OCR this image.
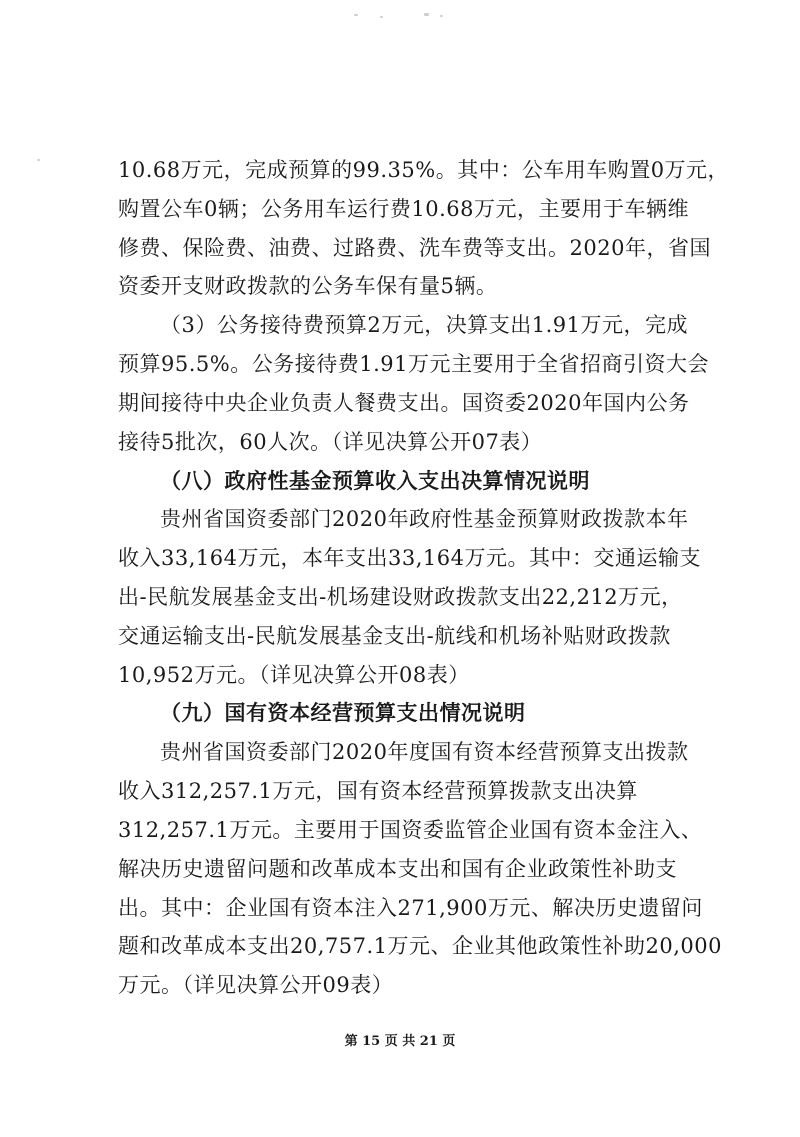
10.68万元，完成预算的99.35%。其中：公车用车购置0万元，
购置公车0辆；公务用车运行费10.68万元，主要用于车辆维
修费、保险费、油费、过路费、洗车费等支出。2020年，省国
资委开支财政拨款的公务车保有量5辆。
（3）公务接待费预算2万元，决算支出1.91万元，完成
预算95.5%。公务接待费1.91万元主要用于全省招商引资大会
期间接待中央企业负责人餐费支出。国资委2020年国内公务
接待5批次，60人次。（详见决算公开07表）
（八）政府性基金预算收入支出决算情况说明
贵州省国资委部门2020年政府性基金预算财政拨款本年
收入33,164万元，本年支出33,164万元。其中：交通运输支
出-民航发展基金支出-机场建设财政拨款支出22,212万元，
交通运输支出-民航发展基金支出-航线和机场补贴财政拨款
10,952万元。（详见决算公开08表）
（九）国有资本经营预算支出情况说明
贵州省国资委部门2020年度国有资本经营预算支出拨款
收入312,257.1万元，国有资本经营预算拨款支出决算
312,257.1万元。主要用于国资委监管企业国有资本金注入、
解决历史遗留问题和改革成本支出和国有企业政策性补助支
出。其中：企业国有资本注入271,900万元、解决历史遗留问
题和改革成本支出20,757.1万元、企业其他政策性补助20,000
万元。（详见决算公开09表）
第 15 页 共 21 页
